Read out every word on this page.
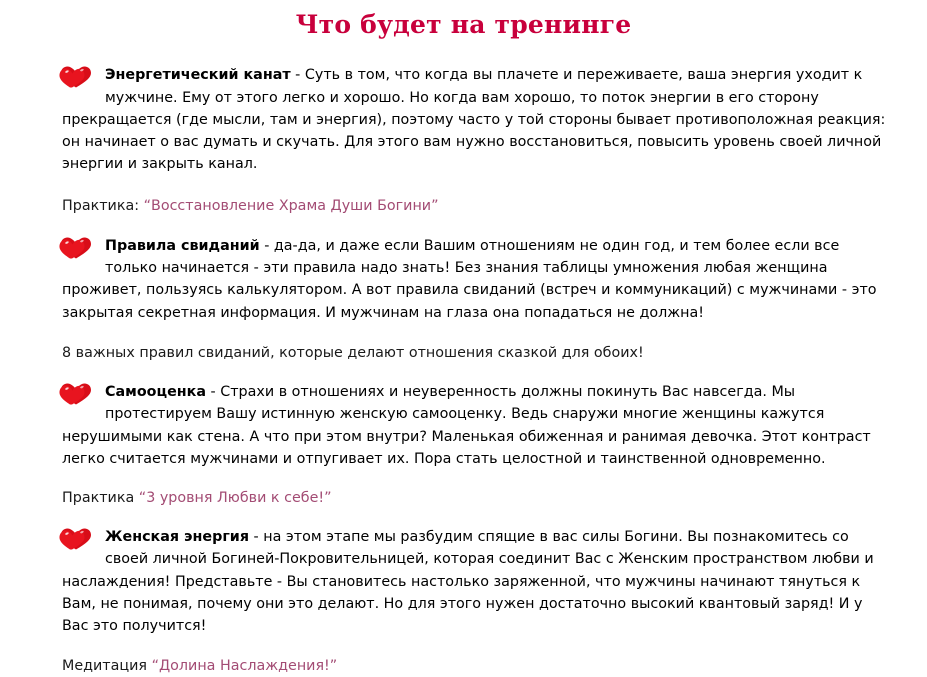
Что будет на тренинге

Энергетический канат - Суть в том, что когда вы плачете и переживаете, ваша энергия уходит к мужчине. Ему от этого легко и хорошо. Но когда вам хорошо, то поток энергии в его сторону прекращается (где мысли, там и энергия), поэтому часто у той стороны бывает противоположная реакция: он начинает о вас думать и скучать. Для этого вам нужно восстановиться, повысить уровень своей личной энергии и закрыть канал.

Практика: “Восстановление Храма Души Богини”

Правила свиданий - да-да, и даже если Вашим отношениям не один год, и тем более если все только начинается - эти правила надо знать! Без знания таблицы умножения любая женщина проживет, пользуясь калькулятором. А вот правила свиданий (встреч и коммуникаций) с мужчинами - это закрытая секретная информация. И мужчинам на глаза она попадаться не должна!

8 важных правил свиданий, которые делают отношения сказкой для обоих!

Самооценка - Страхи в отношениях и неуверенность должны покинуть Вас навсегда. Мы протестируем Вашу истинную женскую самооценку. Ведь снаружи многие женщины кажутся нерушимыми как стена. А что при этом внутри? Маленькая обиженная и ранимая девочка. Этот контраст легко считается мужчинами и отпугивает их. Пора стать целостной и таинственной одновременно.

Практика “3 уровня Любви к себе!”

Женская энергия - на этом этапе мы разбудим спящие в вас силы Богини. Вы познакомитесь со своей личной Богиней-Покровительницей, которая соединит Вас с Женским пространством любви и наслаждения! Представьте - Вы становитесь настолько заряженной, что мужчины начинают тянуться к Вам, не понимая, почему они это делают. Но для этого нужен достаточно высокий квантовый заряд! И у Вас это получится!

Медитация “Долина Наслаждения!”
